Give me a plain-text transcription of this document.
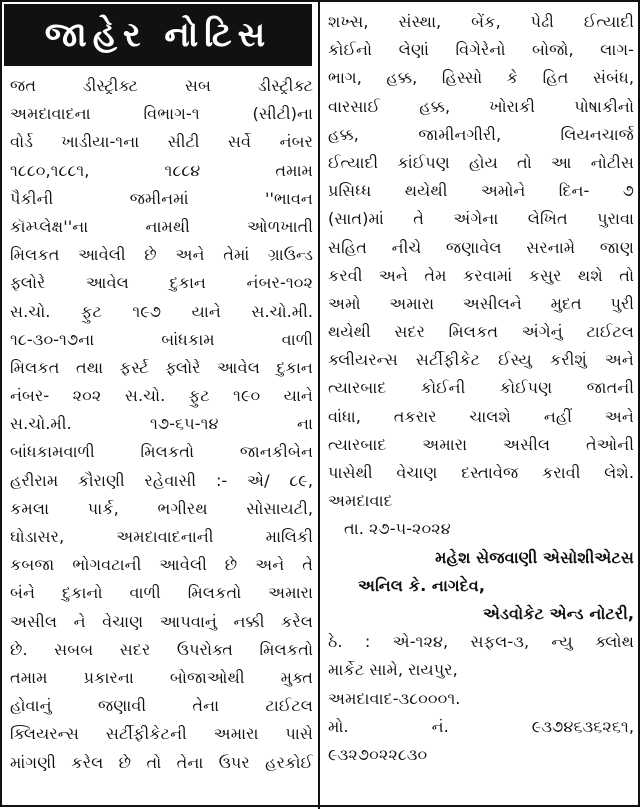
જાહેર નોટિસ
જત ડીસ્ટ્રીક્ટ સબ ડીસ્ટ્રીક્ટ
અમદાવાદના વિભાગ-૧ (સીટી)ના
વોર્ડ ખાડીયા-૧ના સીટી સર્વે નંબર
૧૮૮૦,૧૮૮૧, ૧૮૮૪ તમામ
પૈકીની જમીનમાં ''ભાવન
કૉમ્પ્લેક્ષ''ના નામથી ઓળખાતી
મિલકત આવેલી છે અને તેમાં ગ્રાઉન્ડ
ફ્લોરે આવેલ દુકાન નંબર-૧૦૨
સ.ચો. ફુટ ૧૯૭ યાને સ.ચો.મી.
૧૮-૩૦-૧૭ના બાંધકામ વાળી
મિલકત તથા ફર્સ્ટ ફ્લોરે આવેલ દુકાન
નંબર- ૨૦૨ સ.ચો. ફુટ ૧૯૦ યાને
સ.ચો.મી. ૧૭-૬૫-૧૪ ના
બાંધકામવાળી મિલકતો જાનકીબેન
હરીરામ કૌરાણી રહેવાસી :- એ/ ૮૯,
કમલા પાર્ક, ભગીરથ સોસાયટી,
ઘોડાસર, અમદાવાદનાની માલિકી
કબજા ભોગવટાની આવેલી છે અને તે
બંને દુકાનો વાળી મિલકતો અમારા
અસીલ ને વેચાણ આપવાનું નક્કી કરેલ
છે. સબબ સદર ઉપરોક્ત મિલકતો
તમામ પ્રકારના બોજાઓથી મુક્ત
હોવાનું જણાવી તેના ટાઈટલ
ક્લિયરન્સ સર્ટીફીકેટની અમારા પાસે
માંગણી કરેલ છે તો તેના ઉપર હરકોઈ
શખ્સ, સંસ્થા, બેંક, પેઢી ઈત્યાદી
કોઈનો લેણાં વિગેરેનો બોજો, લાગ-
ભાગ, હક્ક, હિસ્સો કે હિત સંબંધ,
વારસાઈ હક્ક, ખોરાકી પોષાકીનો
હક્ક, જામીનગીરી, લિયનચાર્જ
ઈત્યાદી કાંઈપણ હોય તો આ નોટીસ
પ્રસિધ્ધ થયેથી અમોને દિન- ૭
(સાત)માં તે અંગેના લેખિત પુરાવા
સહિત નીચે જણાવેલ સરનામે જાણ
કરવી અને તેમ કરવામાં કસુર થશે તો
અમો અમારા અસીલને મુદત પુરી
થયેથી સદર મિલકત અંગેનું ટાઈટલ
ક્લીયરન્સ સર્ટીફીકેટ ઈસ્યુ કરીશું અને
ત્યારબાદ કોઈની કોઈપણ જાતની
વાંધા, તકરાર ચાલશે નહીં અને
ત્યારબાદ અમારા અસીલ તેઓની
પાસેથી વેચાણ દસ્તાવેજ કરાવી લેશે.
અમદાવાદ
તા. ૨૭-૫-૨૦૨૪
મહેશ સેજવાણી એસોશીએટસ
અનિલ કે. નાગદેવ,
એડવોકેટ એન્ડ નોટરી,
ઠે. : એ-૧૨૪, સફલ-૩, ન્યુ ક્લોથ
માર્કેટ સામે, રાયપુર,
અમદાવાદ-૩૮૦૦૦૧.
મો. નં. ૯૩૭૪૬૩૬૨૬૧,
૯૩૨૭૦૨૨૮૩૦
